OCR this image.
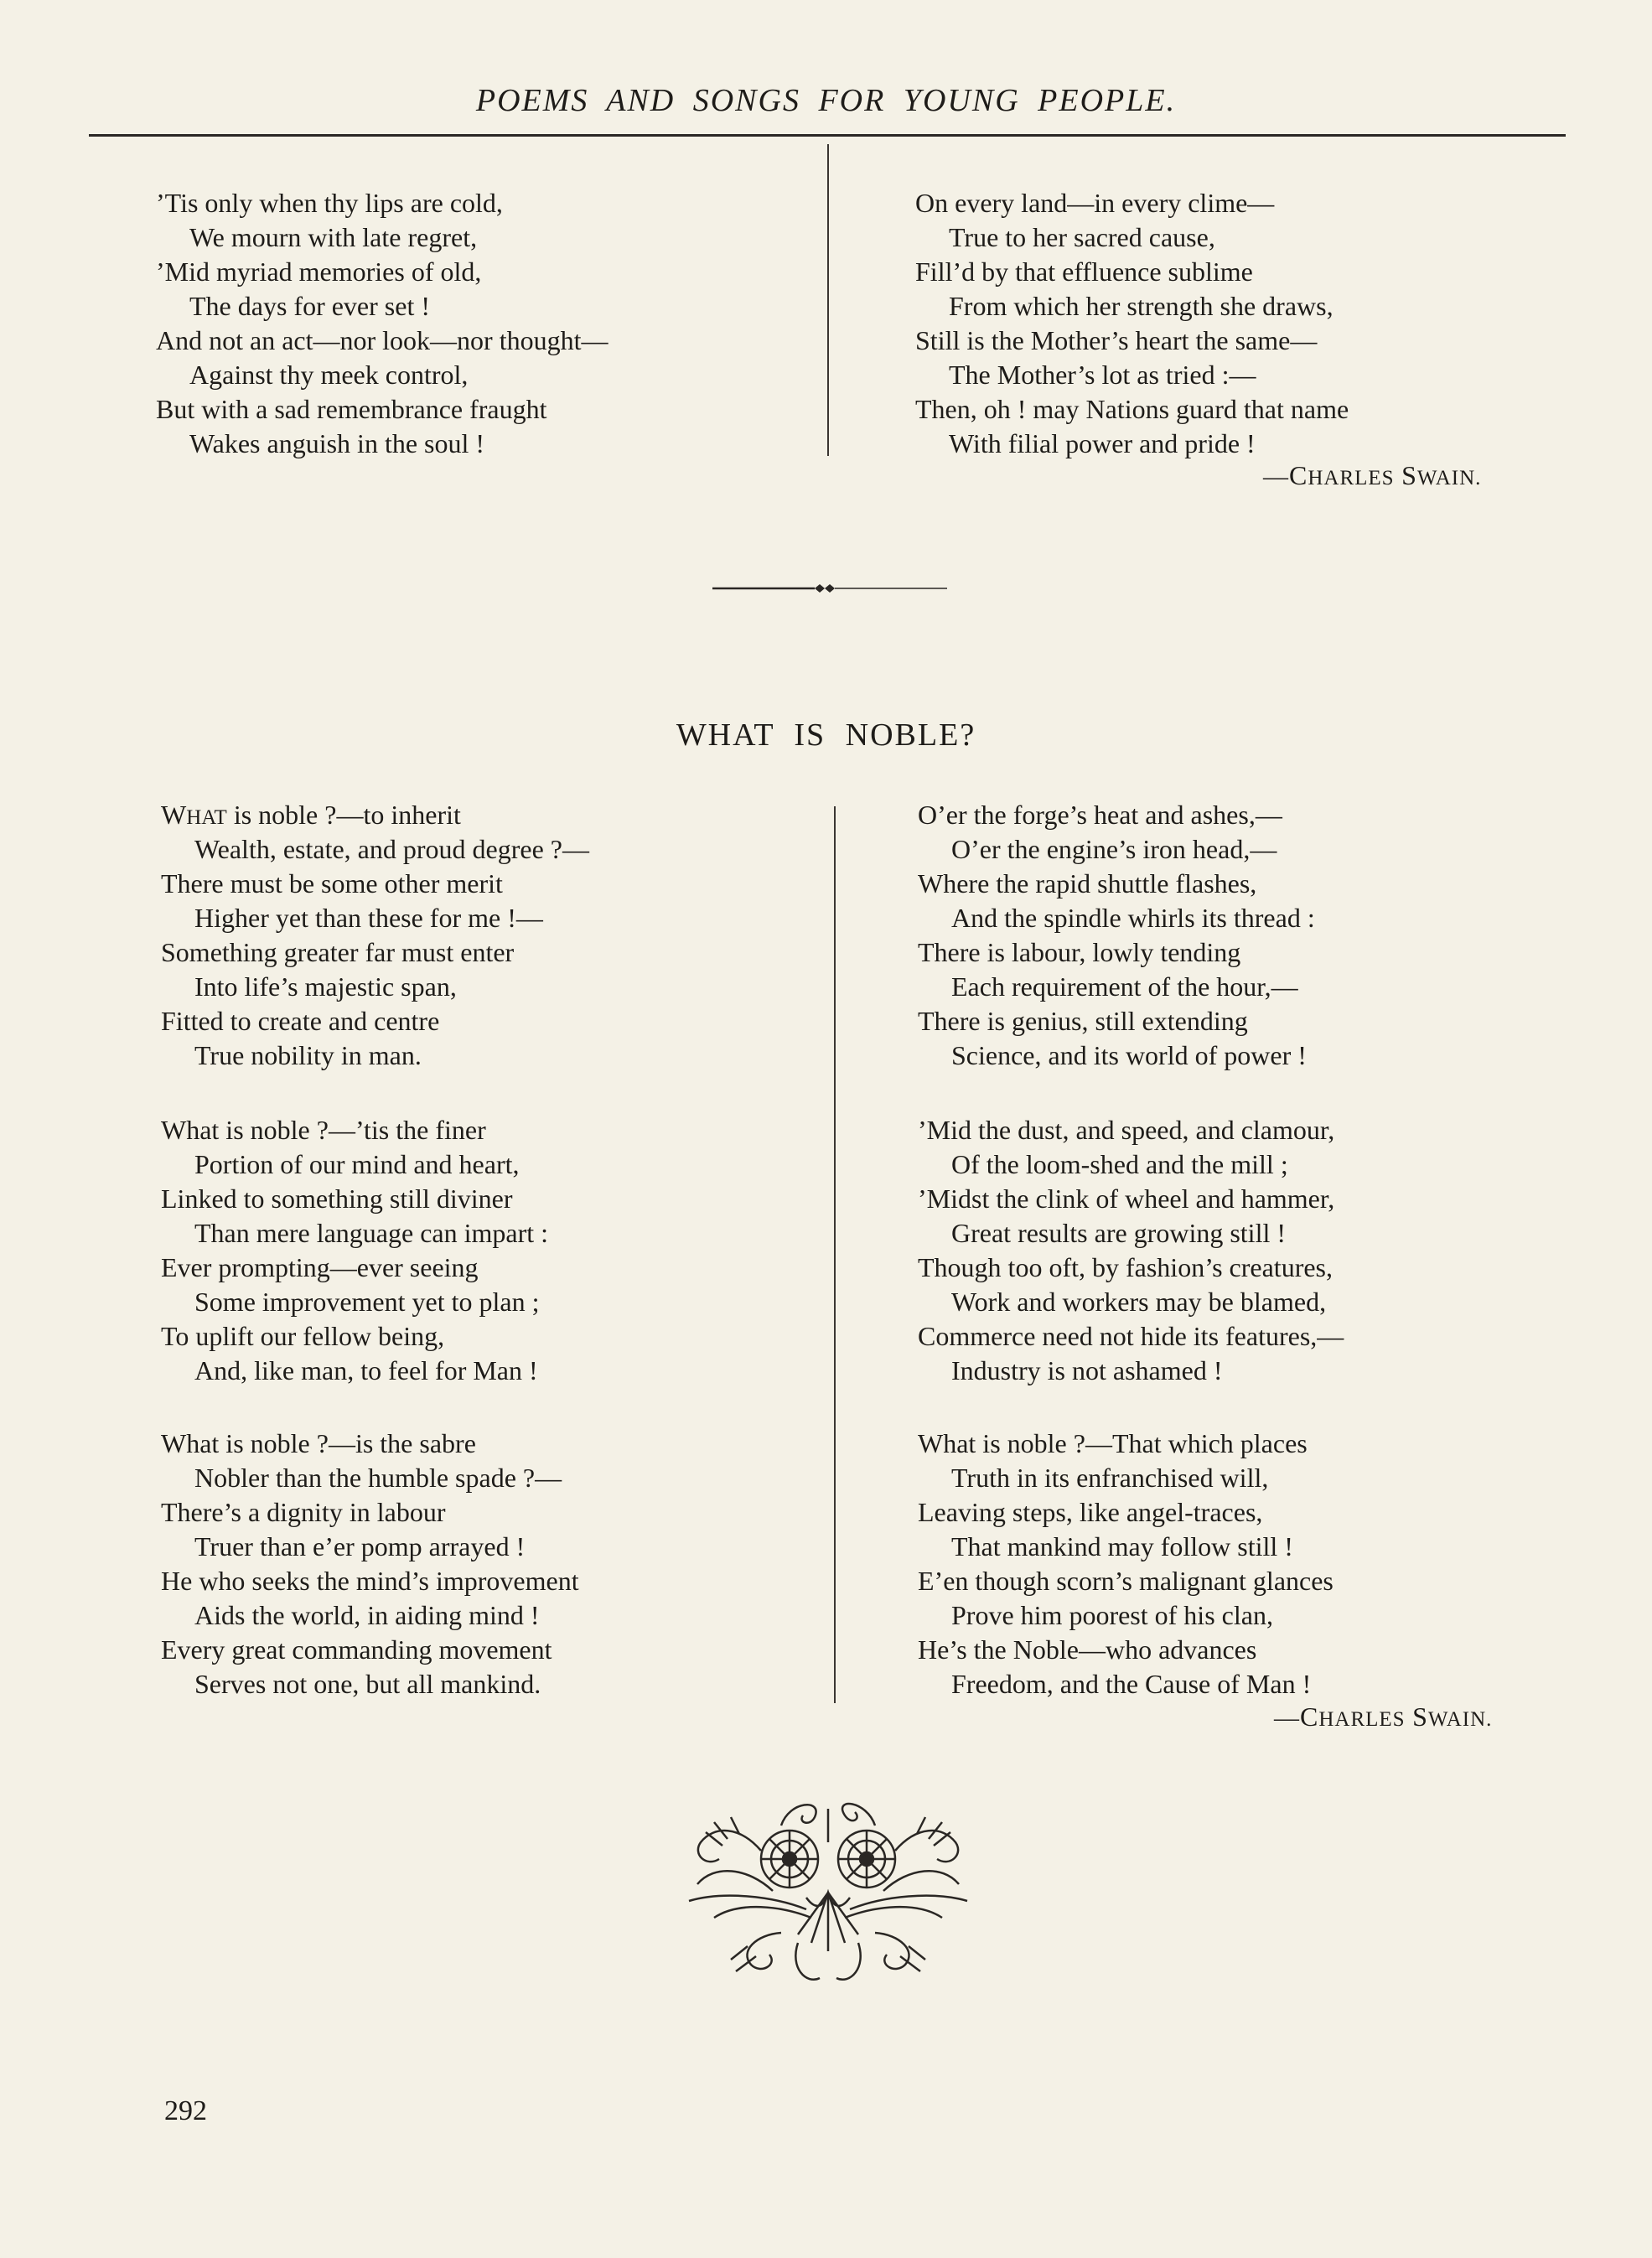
POEMS AND SONGS FOR YOUNG PEOPLE.
’Tis only when thy lips are cold,
We mourn with late regret,
’Mid myriad memories of old,
The days for ever set !
And not an act—nor look—nor thought—
Against thy meek control,
But with a sad remembrance fraught
Wakes anguish in the soul !
On every land—in every clime—
True to her sacred cause,
Fill’d by that effluence sublime
From which her strength she draws,
Still is the Mother’s heart the same—
The Mother’s lot as tried :—
Then, oh ! may Nations guard that name
With filial power and pride !
—CHARLES SWAIN.
WHAT IS NOBLE?
WHAT is noble ?—to inherit
Wealth, estate, and proud degree ?—
There must be some other merit
Higher yet than these for me !—
Something greater far must enter
Into life’s majestic span,
Fitted to create and centre
True nobility in man.
What is noble ?—’tis the finer
Portion of our mind and heart,
Linked to something still diviner
Than mere language can impart :
Ever prompting—ever seeing
Some improvement yet to plan ;
To uplift our fellow being,
And, like man, to feel for Man !
What is noble ?—is the sabre
Nobler than the humble spade ?—
There’s a dignity in labour
Truer than e’er pomp arrayed !
He who seeks the mind’s improvement
Aids the world, in aiding mind !
Every great commanding movement
Serves not one, but all mankind.
O’er the forge’s heat and ashes,—
O’er the engine’s iron head,—
Where the rapid shuttle flashes,
And the spindle whirls its thread :
There is labour, lowly tending
Each requirement of the hour,—
There is genius, still extending
Science, and its world of power !
’Mid the dust, and speed, and clamour,
Of the loom-shed and the mill ;
’Midst the clink of wheel and hammer,
Great results are growing still !
Though too oft, by fashion’s creatures,
Work and workers may be blamed,
Commerce need not hide its features,—
Industry is not ashamed !
What is noble ?—That which places
Truth in its enfranchised will,
Leaving steps, like angel-traces,
That mankind may follow still !
E’en though scorn’s malignant glances
Prove him poorest of his clan,
He’s the Noble—who advances
Freedom, and the Cause of Man !
—CHARLES SWAIN.
292
